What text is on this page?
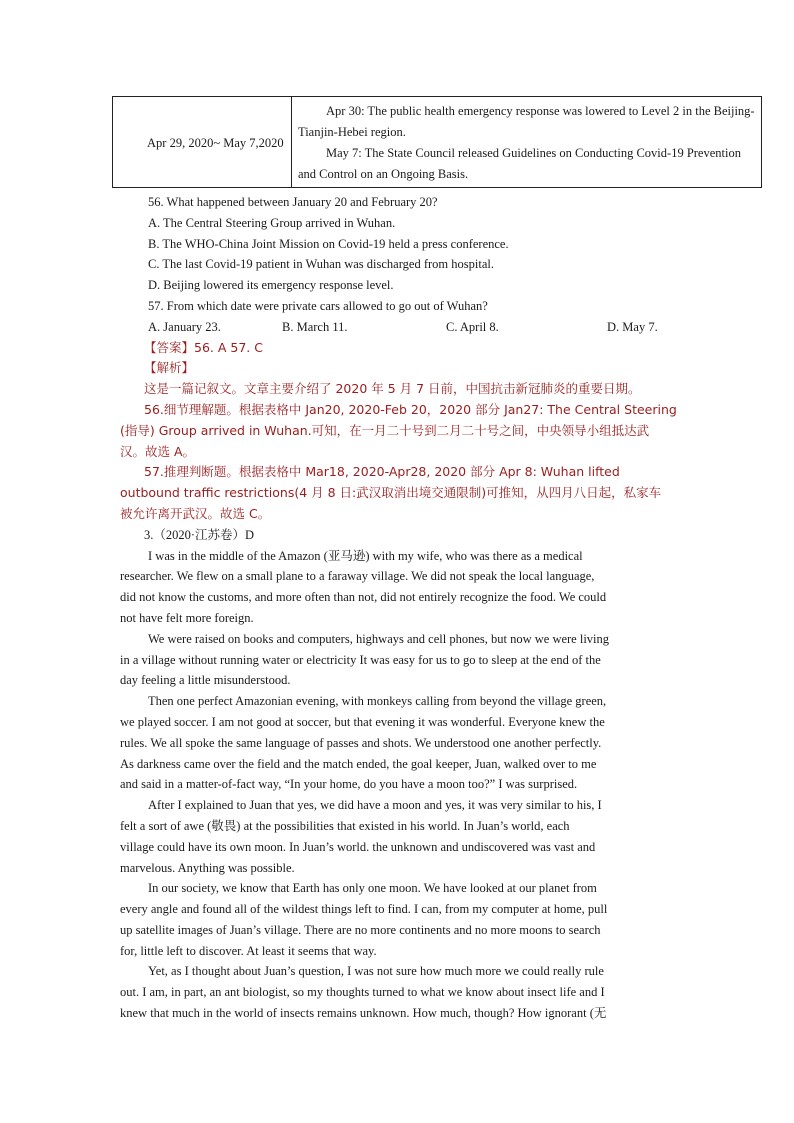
Apr 29, 2020~ May 7,2020	
Apr 30: The public health emergency response was lowered to Level 2 in the Beijing-Tianjin-Hebei region.
May 7: The State Council released Guidelines on Conducting Covid-19 Prevention and Control on an Ongoing Basis.
56. What happened between January 20 and February 20?
A. The Central Steering Group arrived in Wuhan.
B. The WHO-China Joint Mission on Covid-19 held a press conference.
C. The last Covid-19 patient in Wuhan was discharged from hospital.
D. Beijing lowered its emergency response level.
57. From which date were private cars allowed to go out of Wuhan?
A. January 23.	B. March 11.	C. April 8.	D. May 7.
【答案】56. A 57. C
【解析】
这是一篇记叙文。文章主要介绍了 2020 年 5 月 7 日前，中国抗击新冠肺炎的重要日期。
56.细节理解题。根据表格中 Jan20, 2020-Feb 20，2020 部分 Jan27: The Central Steering
(指导) Group arrived in Wuhan.可知，在一月二十号到二月二十号之间，中央领导小组抵达武
汉。故选 A。
57.推理判断题。根据表格中 Mar18, 2020-Apr28, 2020 部分 Apr 8: Wuhan lifted
outbound traffic restrictions(4 月 8 日:武汉取消出境交通限制)可推知，从四月八日起，私家车
被允许离开武汉。故选 C。
3.（2020·江苏卷）D
I was in the middle of the Amazon (亚马逊) with my wife, who was there as a medical
researcher. We flew on a small plane to a faraway village. We did not speak the local language,
did not know the customs, and more often than not, did not entirely recognize the food. We could
not have felt more foreign.
We were raised on books and computers, highways and cell phones, but now we were living
in a village without running water or electricity It was easy for us to go to sleep at the end of the
day feeling a little misunderstood.
Then one perfect Amazonian evening, with monkeys calling from beyond the village green,
we played soccer. I am not good at soccer, but that evening it was wonderful. Everyone knew the
rules. We all spoke the same language of passes and shots. We understood one another perfectly.
As darkness came over the field and the match ended, the goal keeper, Juan, walked over to me
and said in a matter-of-fact way, “In your home, do you have a moon too?” I was surprised.
After I explained to Juan that yes, we did have a moon and yes, it was very similar to his, I
felt a sort of awe (敬畏) at the possibilities that existed in his world. In Juan’s world, each
village could have its own moon. In Juan’s world. the unknown and undiscovered was vast and
marvelous. Anything was possible.
In our society, we know that Earth has only one moon. We have looked at our planet from
every angle and found all of the wildest things left to find. I can, from my computer at home, pull
up satellite images of Juan’s village. There are no more continents and no more moons to search
for, little left to discover. At least it seems that way.
Yet, as I thought about Juan’s question, I was not sure how much more we could really rule
out. I am, in part, an ant biologist, so my thoughts turned to what we know about insect life and I
knew that much in the world of insects remains unknown. How much, though? How ignorant (无
